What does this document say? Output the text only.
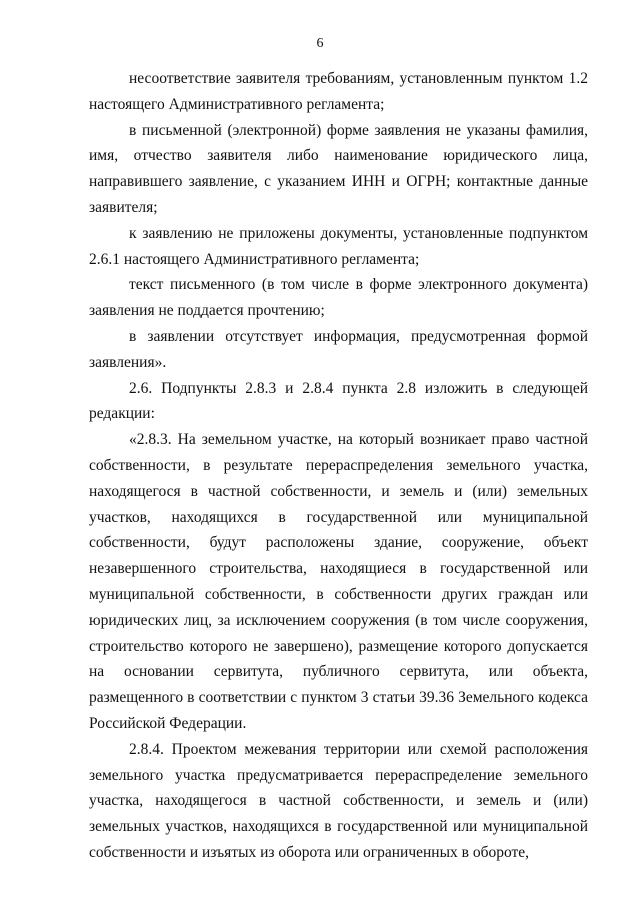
6

несоответствие заявителя требованиям, установленным пунктом 1.2 настоящего Административного регламента;

в письменной (электронной) форме заявления не указаны фамилия, имя, отчество заявителя либо наименование юридического лица, направившего заявление, с указанием ИНН и ОГРН; контактные данные заявителя;

к заявлению не приложены документы, установленные подпунктом 2.6.1 настоящего Административного регламента;

текст письменного (в том числе в форме электронного документа) заявления не поддается прочтению;

в заявлении отсутствует информация, предусмотренная формой заявления».

2.6. Подпункты 2.8.3 и 2.8.4 пункта 2.8 изложить в следующей редакции:

«2.8.3. На земельном участке, на который возникает право частной собственности, в результате перераспределения земельного участка, находящегося в частной собственности, и земель и (или) земельных участков, находящихся в государственной или муниципальной собственности, будут расположены здание, сооружение, объект незавершенного строительства, находящиеся в государственной или муниципальной собственности, в собственности других граждан или юридических лиц, за исключением сооружения (в том числе сооружения, строительство которого не завершено), размещение которого допускается на основании сервитута, публичного сервитута, или объекта, размещенного в соответствии с пунктом 3 статьи 39.36 Земельного кодекса Российской Федерации.

2.8.4. Проектом межевания территории или схемой расположения земельного участка предусматривается перераспределение земельного участка, находящегося в частной собственности, и земель и (или) земельных участков, находящихся в государственной или муниципальной собственности и изъятых из оборота или ограниченных в обороте,
